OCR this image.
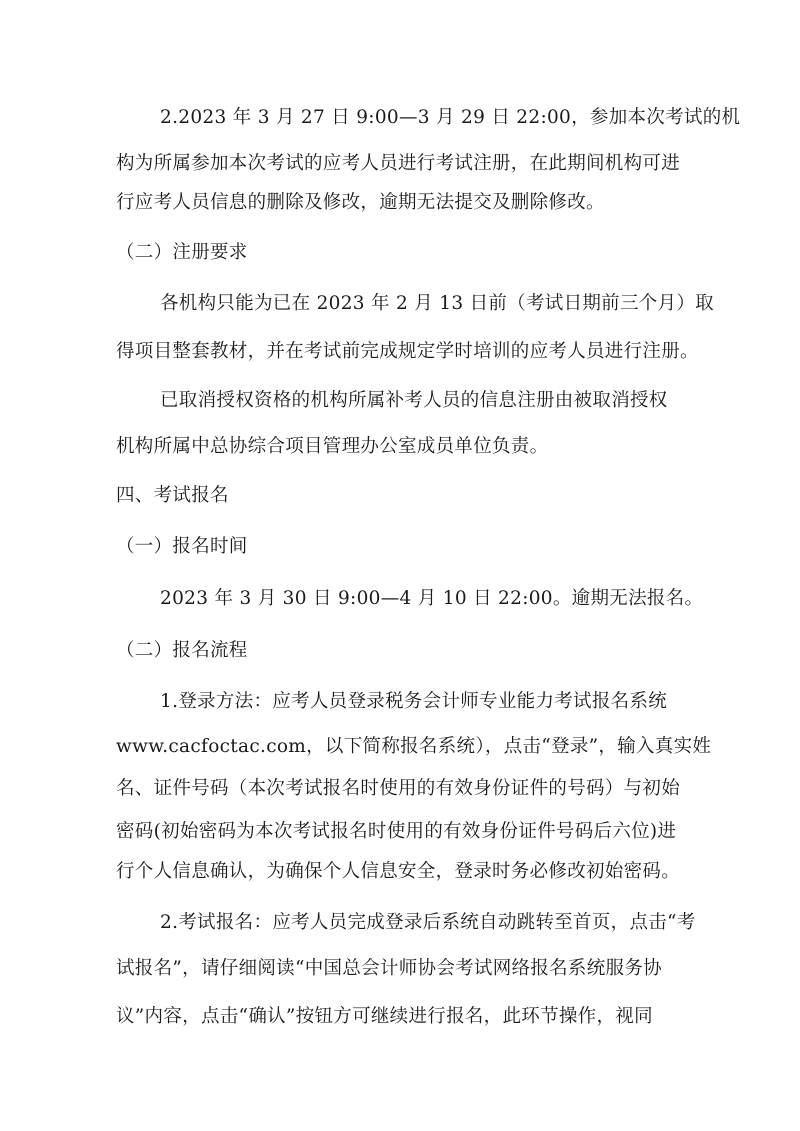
2.2023 年 3 月 27 日 9:00—3 月 29 日 22:00，参加本次考试的机
构为所属参加本次考试的应考人员进行考试注册，在此期间机构可进
行应考人员信息的删除及修改，逾期无法提交及删除修改。
（二）注册要求
各机构只能为已在 2023 年 2 月 13 日前（考试日期前三个月）取
得项目整套教材，并在考试前完成规定学时培训的应考人员进行注册。
已取消授权资格的机构所属补考人员的信息注册由被取消授权
机构所属中总协综合项目管理办公室成员单位负责。
四、考试报名
（一）报名时间
2023 年 3 月 30 日 9:00—4 月 10 日 22:00。逾期无法报名。
（二）报名流程
1.登录方法：应考人员登录税务会计师专业能力考试报名系统
www.cacfoctac.com，以下简称报名系统），点击“登录”，输入真实姓
名、证件号码（本次考试报名时使用的有效身份证件的号码）与初始
密码(初始密码为本次考试报名时使用的有效身份证件号码后六位)进
行个人信息确认，为确保个人信息安全，登录时务必修改初始密码。
2.考试报名：应考人员完成登录后系统自动跳转至首页，点击“考
试报名”，请仔细阅读“中国总会计师协会考试网络报名系统服务协
议”内容，点击“确认”按钮方可继续进行报名，此环节操作，视同
